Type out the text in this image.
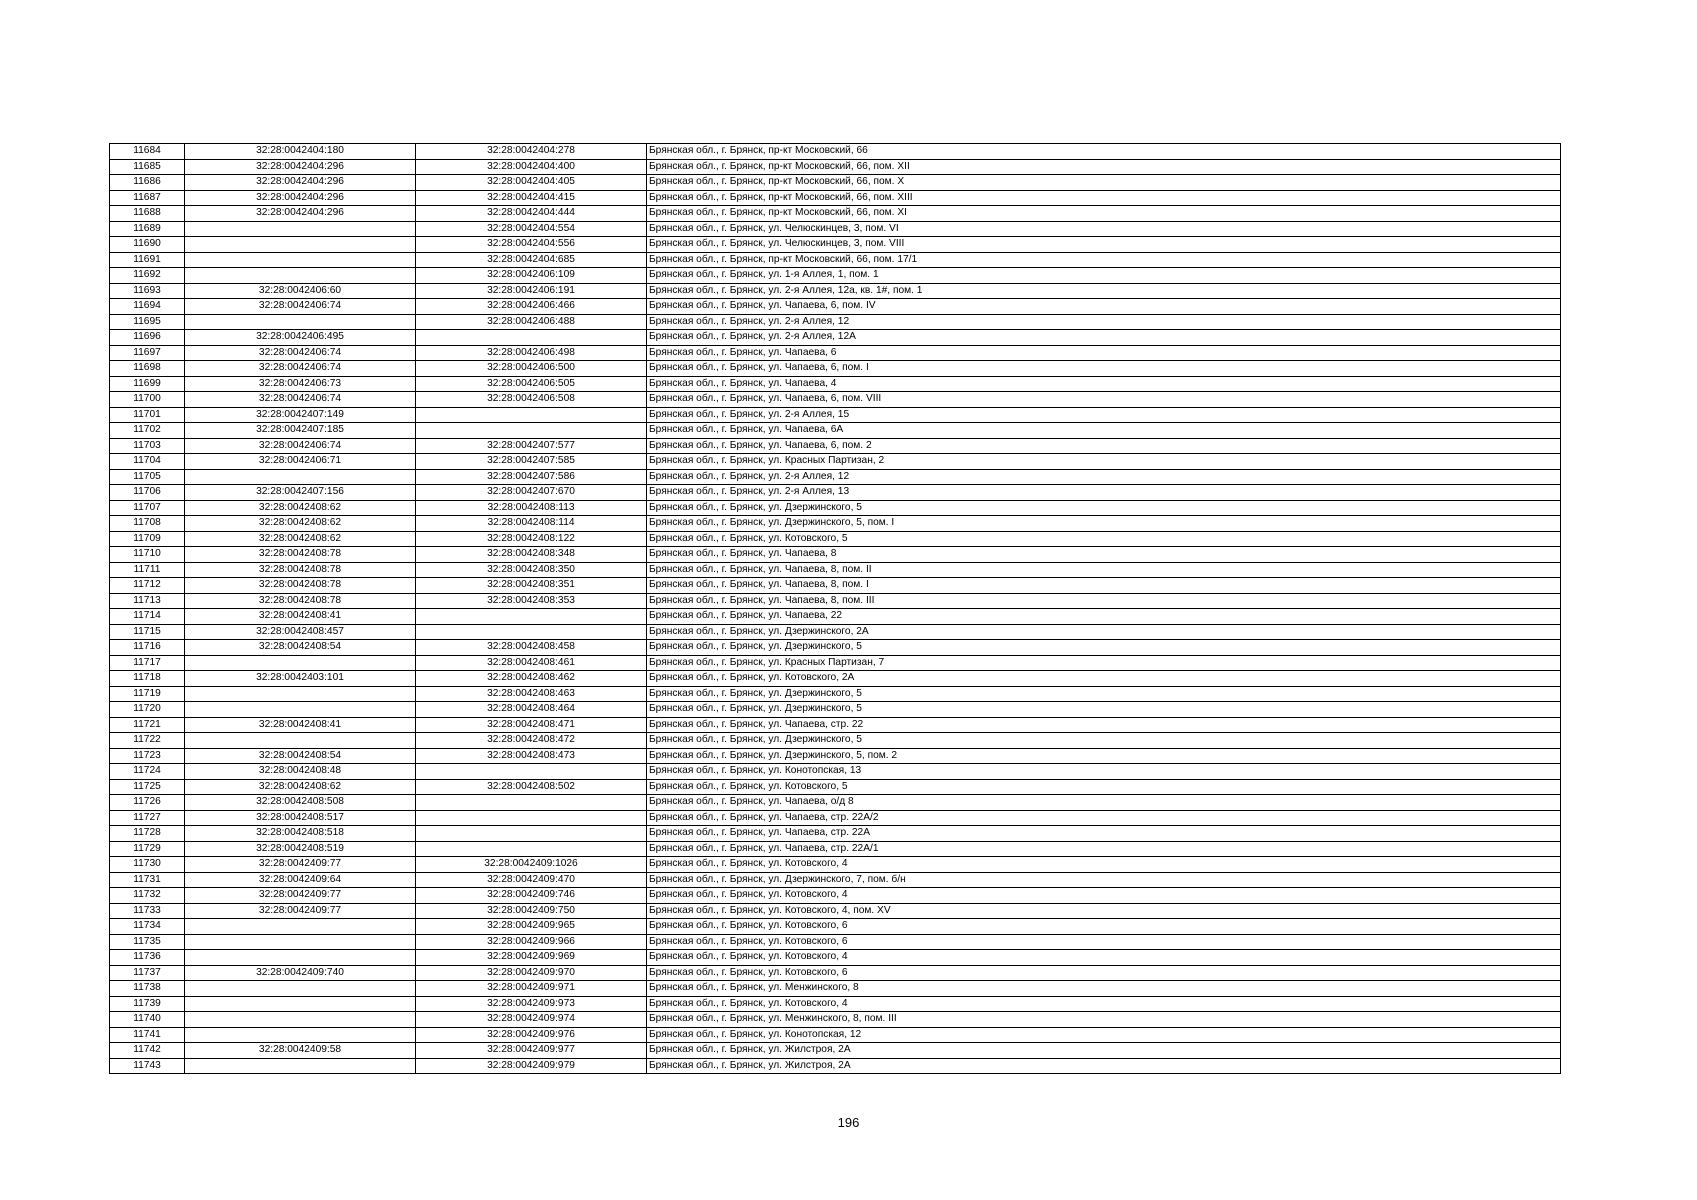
11684	32:28:0042404:180	32:28:0042404:278	Брянская обл., г. Брянск, пр-кт Московский, 66
11685	32:28:0042404:296	32:28:0042404:400	Брянская обл., г. Брянск, пр-кт Московский, 66, пом. XII
11686	32:28:0042404:296	32:28:0042404:405	Брянская обл., г. Брянск, пр-кт Московский, 66, пом. X
11687	32:28:0042404:296	32:28:0042404:415	Брянская обл., г. Брянск, пр-кт Московский, 66, пом. XIII
11688	32:28:0042404:296	32:28:0042404:444	Брянская обл., г. Брянск, пр-кт Московский, 66, пом. XI
11689		32:28:0042404:554	Брянская обл., г. Брянск, ул. Челюскинцев, 3, пом. VI
11690		32:28:0042404:556	Брянская обл., г. Брянск, ул. Челюскинцев, 3, пом. VIII
11691		32:28:0042404:685	Брянская обл., г. Брянск, пр-кт Московский, 66, пом. 17/1
11692		32:28:0042406:109	Брянская обл., г. Брянск, ул. 1-я Аллея, 1, пом. 1
11693	32:28:0042406:60	32:28:0042406:191	Брянская обл., г. Брянск, ул. 2-я Аллея, 12а, кв. 1#, пом. 1
11694	32:28:0042406:74	32:28:0042406:466	Брянская обл., г. Брянск, ул. Чапаева, 6, пом. IV
11695		32:28:0042406:488	Брянская обл., г. Брянск, ул. 2-я Аллея, 12
11696	32:28:0042406:495		Брянская обл., г. Брянск, ул. 2-я Аллея, 12А
11697	32:28:0042406:74	32:28:0042406:498	Брянская обл., г. Брянск, ул. Чапаева, 6
11698	32:28:0042406:74	32:28:0042406:500	Брянская обл., г. Брянск, ул. Чапаева, 6, пом. I
11699	32:28:0042406:73	32:28:0042406:505	Брянская обл., г. Брянск, ул. Чапаева, 4
11700	32:28:0042406:74	32:28:0042406:508	Брянская обл., г. Брянск, ул. Чапаева, 6, пом. VIII
11701	32:28:0042407:149		Брянская обл., г. Брянск, ул. 2-я Аллея, 15
11702	32:28:0042407:185		Брянская обл., г. Брянск, ул. Чапаева, 6А
11703	32:28:0042406:74	32:28:0042407:577	Брянская обл., г. Брянск, ул. Чапаева, 6, пом. 2
11704	32:28:0042406:71	32:28:0042407:585	Брянская обл., г. Брянск, ул. Красных Партизан, 2
11705		32:28:0042407:586	Брянская обл., г. Брянск, ул. 2-я Аллея, 12
11706	32:28:0042407:156	32:28:0042407:670	Брянская обл., г. Брянск, ул. 2-я Аллея, 13
11707	32:28:0042408:62	32:28:0042408:113	Брянская обл., г. Брянск, ул. Дзержинского, 5
11708	32:28:0042408:62	32:28:0042408:114	Брянская обл., г. Брянск, ул. Дзержинского, 5, пом. I
11709	32:28:0042408:62	32:28:0042408:122	Брянская обл., г. Брянск, ул. Котовского, 5
11710	32:28:0042408:78	32:28:0042408:348	Брянская обл., г. Брянск, ул. Чапаева, 8
11711	32:28:0042408:78	32:28:0042408:350	Брянская обл., г. Брянск, ул. Чапаева, 8, пом. II
11712	32:28:0042408:78	32:28:0042408:351	Брянская обл., г. Брянск, ул. Чапаева, 8, пом. I
11713	32:28:0042408:78	32:28:0042408:353	Брянская обл., г. Брянск, ул. Чапаева, 8, пом. III
11714	32:28:0042408:41		Брянская обл., г. Брянск, ул. Чапаева, 22
11715	32:28:0042408:457		Брянская обл., г. Брянск, ул. Дзержинского, 2А
11716	32:28:0042408:54	32:28:0042408:458	Брянская обл., г. Брянск, ул. Дзержинского, 5
11717		32:28:0042408:461	Брянская обл., г. Брянск, ул. Красных Партизан, 7
11718	32:28:0042403:101	32:28:0042408:462	Брянская обл., г. Брянск, ул. Котовского, 2А
11719		32:28:0042408:463	Брянская обл., г. Брянск, ул. Дзержинского, 5
11720		32:28:0042408:464	Брянская обл., г. Брянск, ул. Дзержинского, 5
11721	32:28:0042408:41	32:28:0042408:471	Брянская обл., г. Брянск, ул. Чапаева, стр. 22
11722		32:28:0042408:472	Брянская обл., г. Брянск, ул. Дзержинского, 5
11723	32:28:0042408:54	32:28:0042408:473	Брянская обл., г. Брянск, ул. Дзержинского, 5, пом. 2
11724	32:28:0042408:48		Брянская обл., г. Брянск, ул. Конотопская, 13
11725	32:28:0042408:62	32:28:0042408:502	Брянская обл., г. Брянск, ул. Котовского, 5
11726	32:28:0042408:508		Брянская обл., г. Брянск, ул. Чапаева, о/д 8
11727	32:28:0042408:517		Брянская обл., г. Брянск, ул. Чапаева, стр. 22А/2
11728	32:28:0042408:518		Брянская обл., г. Брянск, ул. Чапаева, стр. 22А
11729	32:28:0042408:519		Брянская обл., г. Брянск, ул. Чапаева, стр. 22А/1
11730	32:28:0042409:77	32:28:0042409:1026	Брянская обл., г. Брянск, ул. Котовского, 4
11731	32:28:0042409:64	32:28:0042409:470	Брянская обл., г. Брянск, ул. Дзержинского, 7, пом. б/н
11732	32:28:0042409:77	32:28:0042409:746	Брянская обл., г. Брянск, ул. Котовского, 4
11733	32:28:0042409:77	32:28:0042409:750	Брянская обл., г. Брянск, ул. Котовского, 4, пом. XV
11734		32:28:0042409:965	Брянская обл., г. Брянск, ул. Котовского, 6
11735		32:28:0042409:966	Брянская обл., г. Брянск, ул. Котовского, 6
11736		32:28:0042409:969	Брянская обл., г. Брянск, ул. Котовского, 4
11737	32:28:0042409:740	32:28:0042409:970	Брянская обл., г. Брянск, ул. Котовского, 6
11738		32:28:0042409:971	Брянская обл., г. Брянск, ул. Менжинского, 8
11739		32:28:0042409:973	Брянская обл., г. Брянск, ул. Котовского, 4
11740		32:28:0042409:974	Брянская обл., г. Брянск, ул. Менжинского, 8, пом. III
11741		32:28:0042409:976	Брянская обл., г. Брянск, ул. Конотопская, 12
11742	32:28:0042409:58	32:28:0042409:977	Брянская обл., г. Брянск, ул. Жилстроя, 2А
11743		32:28:0042409:979	Брянская обл., г. Брянск, ул. Жилстроя, 2А
196
